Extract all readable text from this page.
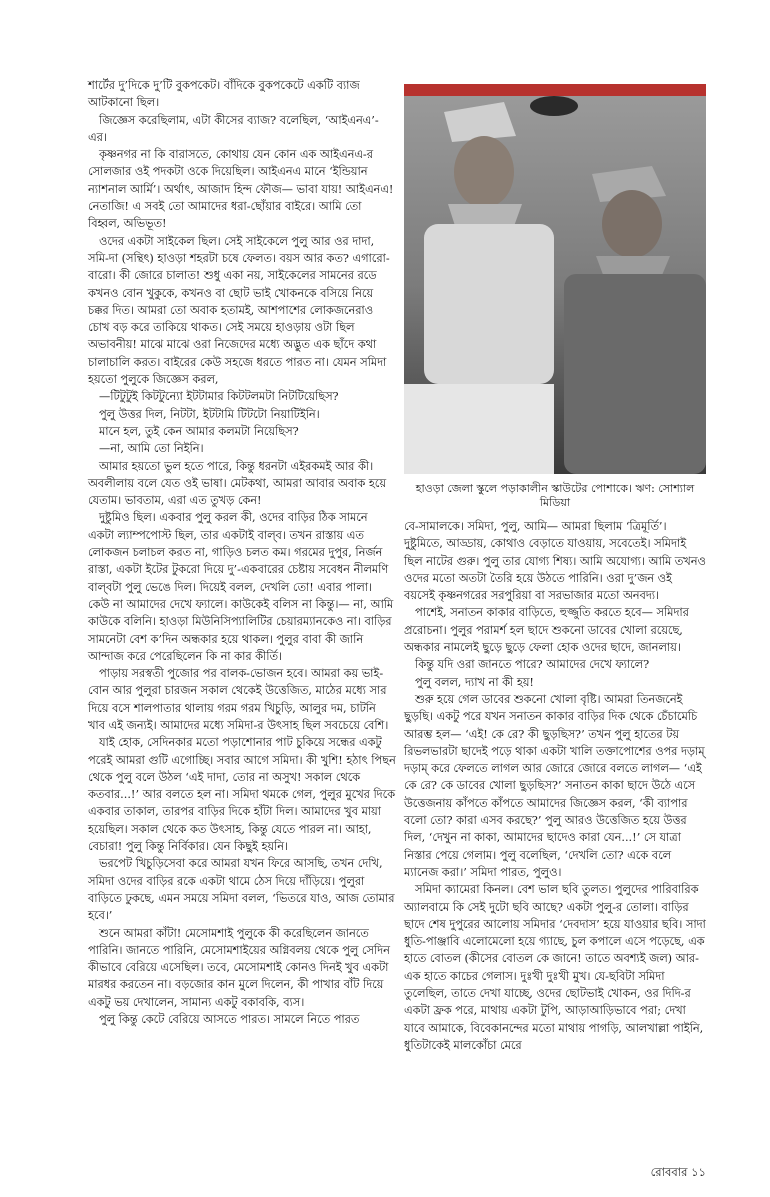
শার্টের দু’দিকে দু’টি বুকপকেট। বাঁদিকে বুকপকেটে একটি ব্যাজ আটকানো ছিল।

জিজ্ঞেস করেছিলাম, এটা কীসের ব্যাজ? বলেছিল, ‘আইএনএ’-এর।

কৃষ্ণনগর না কি বারাসতে, কোথায় যেন কোন এক আইএনএ-র সোলজার ওই পদকটা ওকে দিয়েছিল। আইএনএ মানে ‘ইন্ডিয়ান ন্যাশনাল আর্মি’। অর্থাৎ, আজাদ হিন্দ ফৌজ— ভাবা যায়! আইএনএ! নেতাজি! এ সবই তো আমাদের ধরা-ছোঁয়ার বাইরে। আমি তো বিহ্বল, অভিভূত!

ওদের একটা সাইকেল ছিল। সেই সাইকেলে পুলু আর ওর দাদা, সমি-দা (সন্থিৎ) হাওড়া শহরটা চষে ফেলত। বয়স আর কত? এগারো-বারো। কী জোরে চালাত! শুধু একা নয়, সাইকেলের সামনের রডে কখনও বোন খুকুকে, কখনও বা ছোট ভাই খোকনকে বসিয়ে নিয়ে চক্কর দিত। আমরা তো অবাক হতামই, আশপাশের লোকজনেরাও চোখ বড় করে তাকিয়ে থাকত। সেই সময়ে হাওড়ায় ওটা ছিল অভাবনীয়! মাঝে মাঝে ওরা নিজেদের মধ্যে অদ্ভুত এক ছাঁদে কথা চালাচালি করত। বাইরের কেউ সহজে ধরতে পারত না। যেমন সমিদা হয়তো পুলুকে জিজ্ঞেস করল,

—টিটুটুই কিটটুন্যো ইটটামার কিটটলমটা নিটটিয়েছিস?

পুলু উত্তর দিল, নিটটা, ইটটামি টিটটো নিয়াটিইনি।

মানে হল, তুই কেন আমার কলমটা নিয়েছিস?

—না, আমি তো নিইনি।

আমার হয়তো ভুল হতে পারে, কিন্তু ধরনটা এইরকমই আর কী। অবলীলায় বলে যেত ওই ভাষা। মেটকথা, আমরা আবার অবাক হয়ে যেতাম। ভাবতাম, এরা এত তুখড় কেন!

দুষ্টুমিও ছিল। একবার পুলু করল কী, ওদের বাড়ির ঠিক সামনে একটা ল্যাম্পপোস্ট ছিল, তার একটাই বাল্‌ব। তখন রাস্তায় এত লোকজন চলাচল করত না, গাড়িও চলত কম। গরমের দুপুর, নির্জন রাস্তা, একটা ইটের টুকরো দিয়ে দু’-একবারের চেষ্টায় সবেধন নীলমণি বাল্‌বটা পুলু ভেঙে দিল। দিয়েই বলল, দেখলি তো! এবার পালা। কেউ না আমাদের দেখে ফ্যালে। কাউকেই বলিস না কিন্তু।— না, আমি কাউকে বলিনি। হাওড়া মিউনিসিপ্যালিটির চেয়ারম্যানকেও না। বাড়ির সামনেটা বেশ ক’দিন অন্ধকার হয়ে থাকল। পুলুর বাবা কী জানি আন্দাজ করে পেরেছিলেন কি না কার কীর্তি।

পাড়ায় সরস্বতী পুজোর পর বালক-ভোজন হবে। আমরা কয় ভাই-বোন আর পুলুরা চারজন সকাল থেকেই উত্তেজিত, মাঠের মধ্যে সার দিয়ে বসে শালপাতার থালায় গরম গরম খিচুড়ি, আলুর দম, চাটনি খাব এই জন্যই। আমাদের মধ্যে সমিদা-র উৎসাহ ছিল সবচেয়ে বেশি।

যাই হোক, সেদিনকার মতো পড়াশোনার পাট চুকিয়ে সন্ধের একটু পরেই আমরা গুটি এগোচ্ছি। সবার আগে সমিদা। কী খুশি! হঠাৎ পিছন থেকে পুলু বলে উঠল ‘এই দাদা, তোর না অসুখ! সকাল থেকে কতবার...!’ আর বলতে হল না। সমিদা থমকে গেল, পুলুর মুখের দিকে একবার তাকাল, তারপর বাড়ির দিকে হাঁটা দিল। আমাদের খুব মায়া হয়েছিল। সকাল থেকে কত উৎসাহ, কিন্তু যেতে পারল না। আহা, বেচারা! পুলু কিন্তু নির্বিকার। যেন কিছুই হয়নি।

ভরপেট খিচুড়িসেবা করে আমরা যখন ফিরে আসছি, তখন দেখি, সমিদা ওদের বাড়ির রকে একটা থামে ঠেস দিয়ে দাঁড়িয়ে। পুলুরা বাড়িতে ঢুকছে, এমন সময়ে সমিদা বলল, ‘ভিতরে যাও, আজ তোমার হবে।’

শুনে আমরা কাঁটা! মেসোমশাই পুলুকে কী করেছিলেন জানতে পারিনি। জানতে পারিনি, মেসোমশাইয়ের অগ্নিবলয় থেকে পুলু সেদিন কীভাবে বেরিয়ে এসেছিল। তবে, মেসোমশাই কোনও দিনই খুব একটা মারধর করতেন না। বড়জোর কান মুলে দিলেন, কী পাখার বাঁট দিয়ে একটু ভয় দেখালেন, সামান্য একটু বকাবকি, ব্যস।

পুলু কিন্তু কেটে বেরিয়ে আসতে পারত। সামলে নিতে পারত

হাওড়া জেলা স্কুলে পড়াকালীন স্কাউটের পোশাকে। ঋণ: সোশ্যাল মিডিয়া

বে-সামালকে। সমিদা, পুলু, আমি— আমরা ছিলাম ‘ত্রিমূর্তি’। দুষ্টুমিতে, আড্ডায়, কোথাও বেড়াতে যাওয়ায়, সবেতেই। সমিদাই ছিল নাটের গুরু। পুলু তার যোগ্য শিষ্য। আমি অযোগ্য। আমি তখনও ওদের মতো অতটা তৈরি হয়ে উঠতে পারিনি। ওরা দু’জন ওই বয়সেই কৃষ্ণনগরের সরপুরিয়া বা সরভাজার মতো অনবদ্য।

পাশেই, সনাতন কাকার বাড়িতে, হুজ্জুতি করতে হবে— সমিদার প্ররোচনা। পুলুর পরামর্শ হল ছাদে শুকনো ডাবের খোলা রয়েছে, অন্ধকার নামলেই ছুড়ে ছুড়ে ফেলা হোক ওদের ছাদে, জানলায়।

কিন্তু যদি ওরা জানতে পারে? আমাদের দেখে ফ্যালে?

পুলু বলল, দ্যাখ না কী হয়!

শুরু হয়ে গেল ডাবের শুকনো খোলা বৃষ্টি। আমরা তিনজনেই ছুড়ছি। একটু পরে যখন সনাতন কাকার বাড়ির দিক থেকে চেঁচামেচি আরম্ভ হল— ‘এই! কে রে? কী ছুড়ছিস?’ তখন পুলু হাতের টয় রিভলভারটা ছাদেই পড়ে থাকা একটা খালি তক্তাপোশের ওপর দড়াম্‌ দড়াম্‌ করে ফেলতে লাগল আর জোরে জোরে বলতে লাগল— ‘এই কে রে? কে ডাবের খোলা ছুড়ছিস?’ সনাতন কাকা ছাদে উঠে এসে উত্তেজনায় কাঁপতে কাঁপতে আমাদের জিজ্ঞেস করল, ‘কী ব্যাপার বলো তো? কারা এসব করছে?’ পুলু আরও উত্তেজিত হয়ে উত্তর দিল, ‘দেখুন না কাকা, আমাদের ছাদেও কারা যেন...!’ সে যাত্রা নিস্তার পেয়ে গেলাম। পুলু বলেছিল, ‘দেখলি তো? একে বলে ম্যানেজ করা।’ সমিদা পারত, পুলুও।

সমিদা ক্যামেরা কিনল। বেশ ভাল ছবি তুলত। পুলুদের পারিবারিক অ্যালবামে কি সেই দুটো ছবি আছে? একটা পুলু-র তোলা। বাড়ির ছাদে শেষ দুপুরের আলোয় সমিদার ‘দেবদাস’ হয়ে যাওয়ার ছবি। সাদা ধুতি-পাঞ্জাবি এলোমেলো হয়ে গ্যাছে, চুল কপালে এসে পড়েছে, এক হাতে বোতল (কীসের বোতল কে জানে! তাতে অবশ্যই জল) আর-এক হাতে কাচের গেলাস। দুঃখী দুঃখী মুখ। যে-ছবিটা সমিদা তুলেছিল, তাতে দেখা যাচ্ছে, ওদের ছোটভাই খোকন, ওর দিদি-র একটা ফ্রক পরে, মাথায় একটা টুপি, আড়াআড়িভাবে পরা; দেখা যাবে আমাকে, বিবেকানন্দের মতো মাথায় পাগড়ি, আলখাল্লা পাইনি, ধুতিটাকেই মালকোঁচা মেরে

রোববার ১১
